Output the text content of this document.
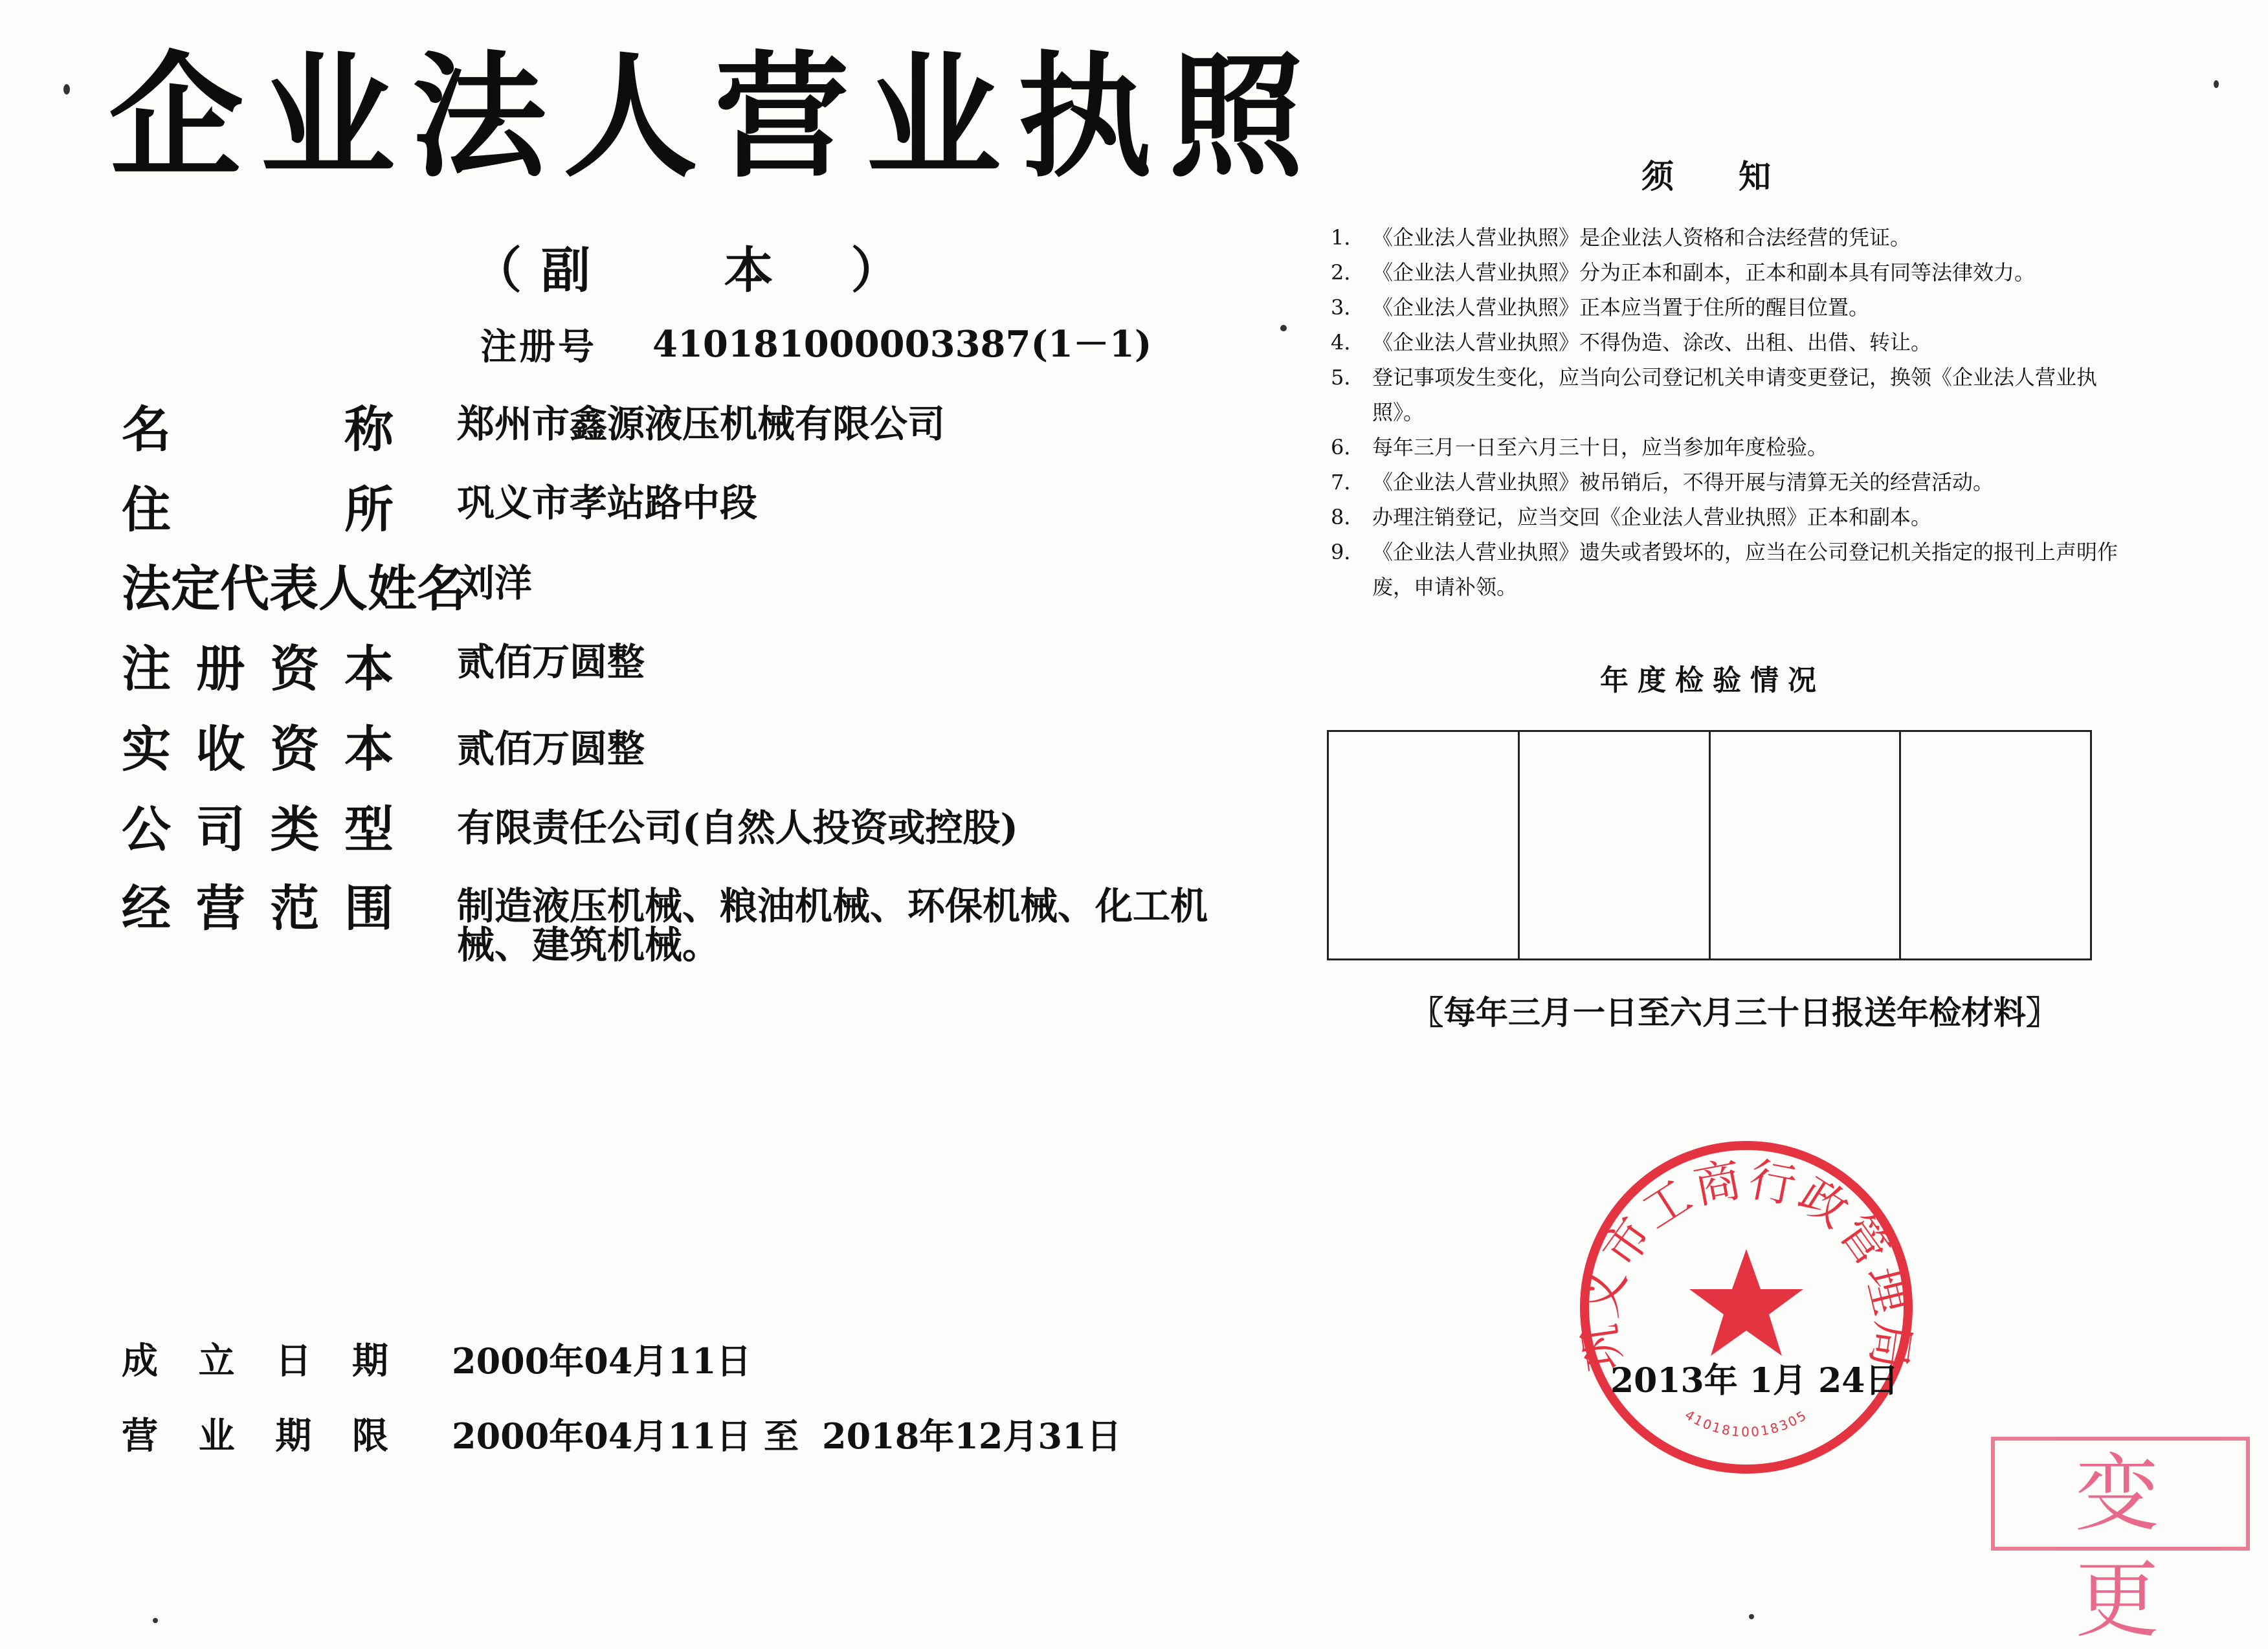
企业法人营业执照
（ 副 本 ）
注册号 410181000003387(1－1)
名	称 郑州市鑫源液压机械有限公司
住	所 巩义市孝站路中段
法 定 代 表 人 姓 名
刘洋
注 册 资 本 贰佰万圆整
实 收 资 本 贰佰万圆整
公 司 类 型 有限责任公司(自然人投资或控股)
经 营 范 围 制造液压机械、粮油机械、环保机械、化工机械、建筑机械。
成 立 日 期 2000年04月11日
营 业 期 限 2000年04月11日 至 2018年12月31日
须知
1． 《企业法人营业执照》是企业法人资格和合法经营的凭证。
2． 《企业法人营业执照》分为正本和副本，正本和副本具有同等法律效力。
3． 《企业法人营业执照》正本应当置于住所的醒目位置。
4． 《企业法人营业执照》不得伪造、涂改、出租、出借、转让。
5． 登记事项发生变化，应当向公司登记机关申请变更登记，换领《企业法人营业执照》。
6． 每年三月一日至六月三十日，应当参加年度检验。
7． 《企业法人营业执照》被吊销后，不得开展与清算无关的经营活动。
8． 办理注销登记，应当交回《企业法人营业执照》正本和副本。
9． 《企业法人营业执照》遗失或者毁坏的，应当在公司登记机关指定的报刊上声明作废，申请补领。
年度检验情况
〖每年三月一日至六月三十日报送年检材料〗
巩义市工商行政管理局
4101810018305
2013年 1月 24日
变更
